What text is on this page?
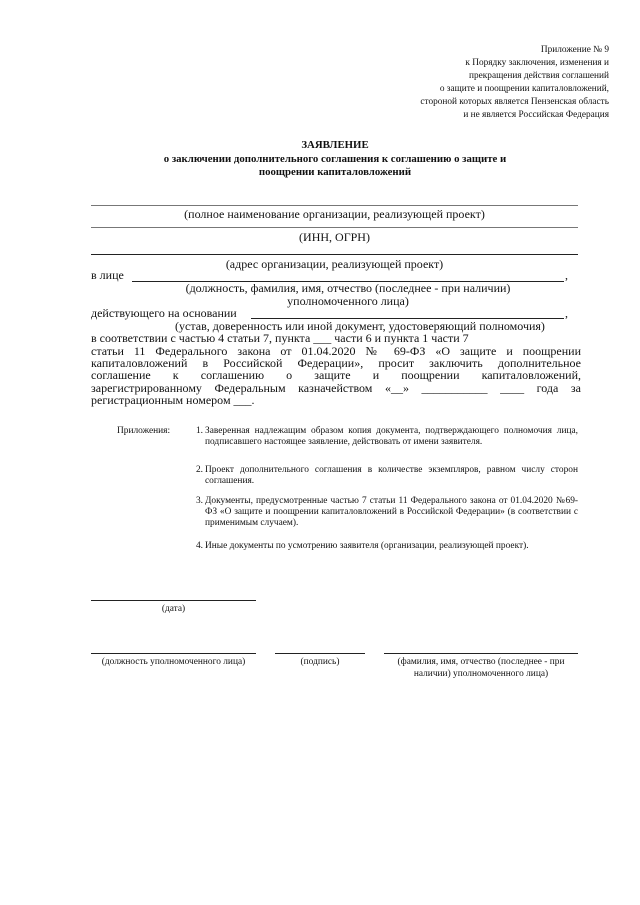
Приложение № 9
к Порядку заключения, изменения и
прекращения действия соглашений
о защите и поощрении капиталовложений,
стороной которых является Пензенская область
и не является Российская Федерация
ЗАЯВЛЕНИЕ
о заключении дополнительного соглашения к соглашению о защите и
поощрении капиталовложений
(полное наименование организации, реализующей проект)
(ИНН, ОГРН)
(адрес организации, реализующей проект)
в лице	,
(должность, фамилия, имя, отчество (последнее - при наличии)
уполномоченного лица)
действующего на основании	,
(устав, доверенность или иной документ, удостоверяющий полномочия)
в соответствии с частью 4 статьи 7, пункта ___ части 6 и пункта 1 части 7
статьи 11 Федерального закона от 01.04.2020 № 69-ФЗ «О защите и поощрении
капиталовложений в Российской Федерации», просит заключить дополнительное
соглашение к соглашению о защите и поощрении капиталовложений,
зарегистрированному Федеральным казначейством «__» ___________ ____ года за
регистрационным номером ___.
Приложения:	1. Заверенная надлежащим образом копия документа, подтверждающего полномочия лица, подписавшего настоящее заявление, действовать от имени заявителя.
2. Проект дополнительного соглашения в количестве экземпляров, равном числу сторон соглашения.
3. Документы, предусмотренные частью 7 статьи 11 Федерального закона от 01.04.2020 №69-ФЗ «О защите и поощрении капиталовложений в Российской Федерации» (в соответствии с применимым случаем).
4. Иные документы по усмотрению заявителя (организации, реализующей проект).
(дата)
(должность уполномоченного лица)	(подпись)	(фамилия, имя, отчество (последнее - при наличии) уполномоченного лица)
